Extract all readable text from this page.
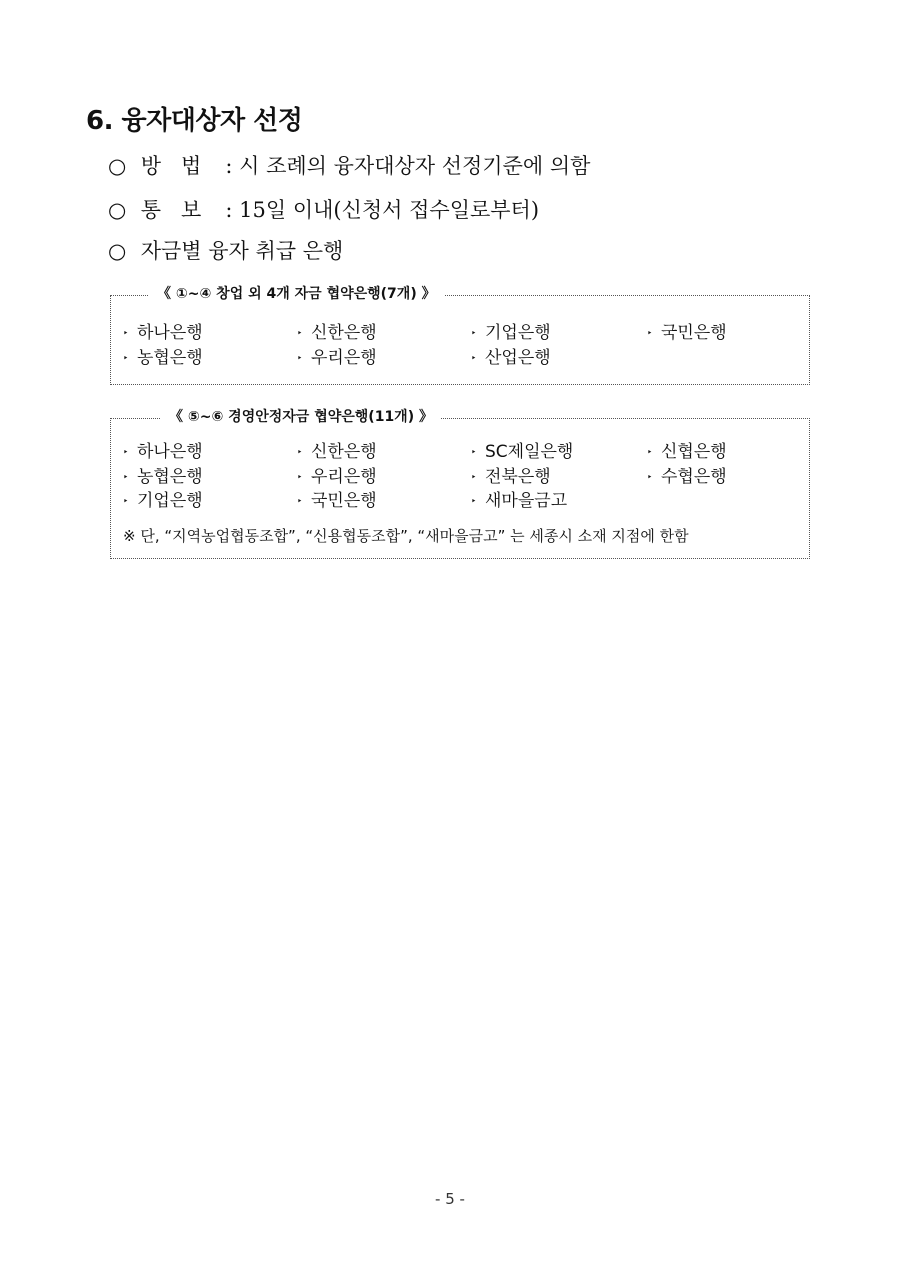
6. 융자대상자 선정
○ 방   법 : 시 조례의 융자대상자 선정기준에 의함
○ 통   보 : 15일 이내(신청서 접수일로부터)
○ 자금별 융자 취급 은행
《 ①~④ 창업 외 4개 자금 협약은행(7개) 》
‣ 하나은행	‣ 신한은행	‣ 기업은행	‣ 국민은행
‣ 농협은행	‣ 우리은행	‣ 산업은행
《 ⑤~⑥ 경영안정자금 협약은행(11개) 》
‣ 하나은행	‣ 신한은행	‣ SC제일은행	‣ 신협은행
‣ 농협은행	‣ 우리은행	‣ 전북은행	‣ 수협은행
‣ 기업은행	‣ 국민은행	‣ 새마을금고
※ 단, “지역농업협동조합”, “신용협동조합”, “새마을금고” 는 세종시 소재 지점에 한함
- 5 -
